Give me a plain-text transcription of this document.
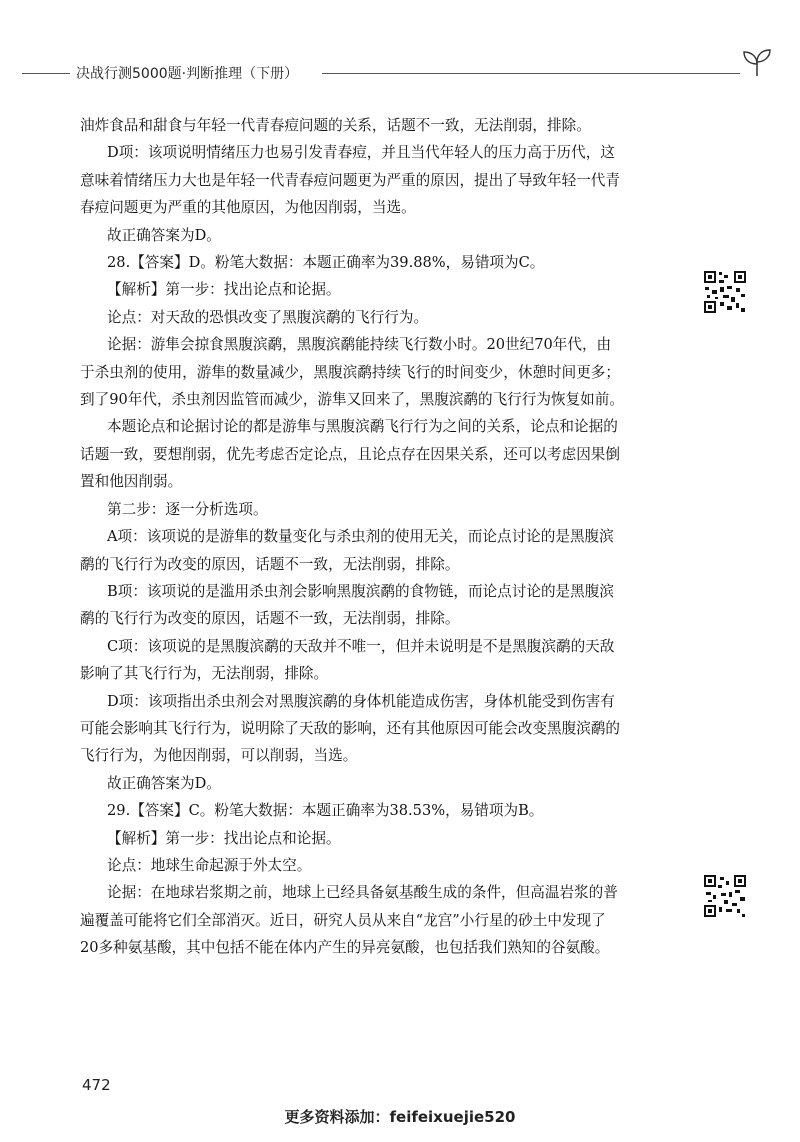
决战行测5000题·判断推理（下册）
油炸食品和甜食与年轻一代青春痘问题的关系，话题不一致，无法削弱，排除。
D项：该项说明情绪压力也易引发青春痘，并且当代年轻人的压力高于历代，这
意味着情绪压力大也是年轻一代青春痘问题更为严重的原因，提出了导致年轻一代青
春痘问题更为严重的其他原因，为他因削弱，当选。
故正确答案为D。
28.【答案】D。粉笔大数据：本题正确率为39.88%，易错项为C。
【解析】第一步：找出论点和论据。
论点：对天敌的恐惧改变了黑腹滨鹬的飞行行为。
论据：游隼会掠食黑腹滨鹬，黑腹滨鹬能持续飞行数小时。20世纪70年代，由
于杀虫剂的使用，游隼的数量减少，黑腹滨鹬持续飞行的时间变少，休憩时间更多；
到了90年代，杀虫剂因监管而减少，游隼又回来了，黑腹滨鹬的飞行行为恢复如前。
本题论点和论据讨论的都是游隼与黑腹滨鹬飞行行为之间的关系，论点和论据的
话题一致，要想削弱，优先考虑否定论点，且论点存在因果关系，还可以考虑因果倒
置和他因削弱。
第二步：逐一分析选项。
A项：该项说的是游隼的数量变化与杀虫剂的使用无关，而论点讨论的是黑腹滨
鹬的飞行行为改变的原因，话题不一致，无法削弱，排除。
B项：该项说的是滥用杀虫剂会影响黑腹滨鹬的食物链，而论点讨论的是黑腹滨
鹬的飞行行为改变的原因，话题不一致，无法削弱，排除。
C项：该项说的是黑腹滨鹬的天敌并不唯一，但并未说明是不是黑腹滨鹬的天敌
影响了其飞行行为，无法削弱，排除。
D项：该项指出杀虫剂会对黑腹滨鹬的身体机能造成伤害，身体机能受到伤害有
可能会影响其飞行行为，说明除了天敌的影响，还有其他原因可能会改变黑腹滨鹬的
飞行行为，为他因削弱，可以削弱，当选。
故正确答案为D。
29.【答案】C。粉笔大数据：本题正确率为38.53%，易错项为B。
【解析】第一步：找出论点和论据。
论点：地球生命起源于外太空。
论据：在地球岩浆期之前，地球上已经具备氨基酸生成的条件，但高温岩浆的普
遍覆盖可能将它们全部消灭。近日，研究人员从来自“龙宫”小行星的砂土中发现了
20多种氨基酸，其中包括不能在体内产生的异亮氨酸，也包括我们熟知的谷氨酸。
472
更多资料添加：feifeixuejie520
